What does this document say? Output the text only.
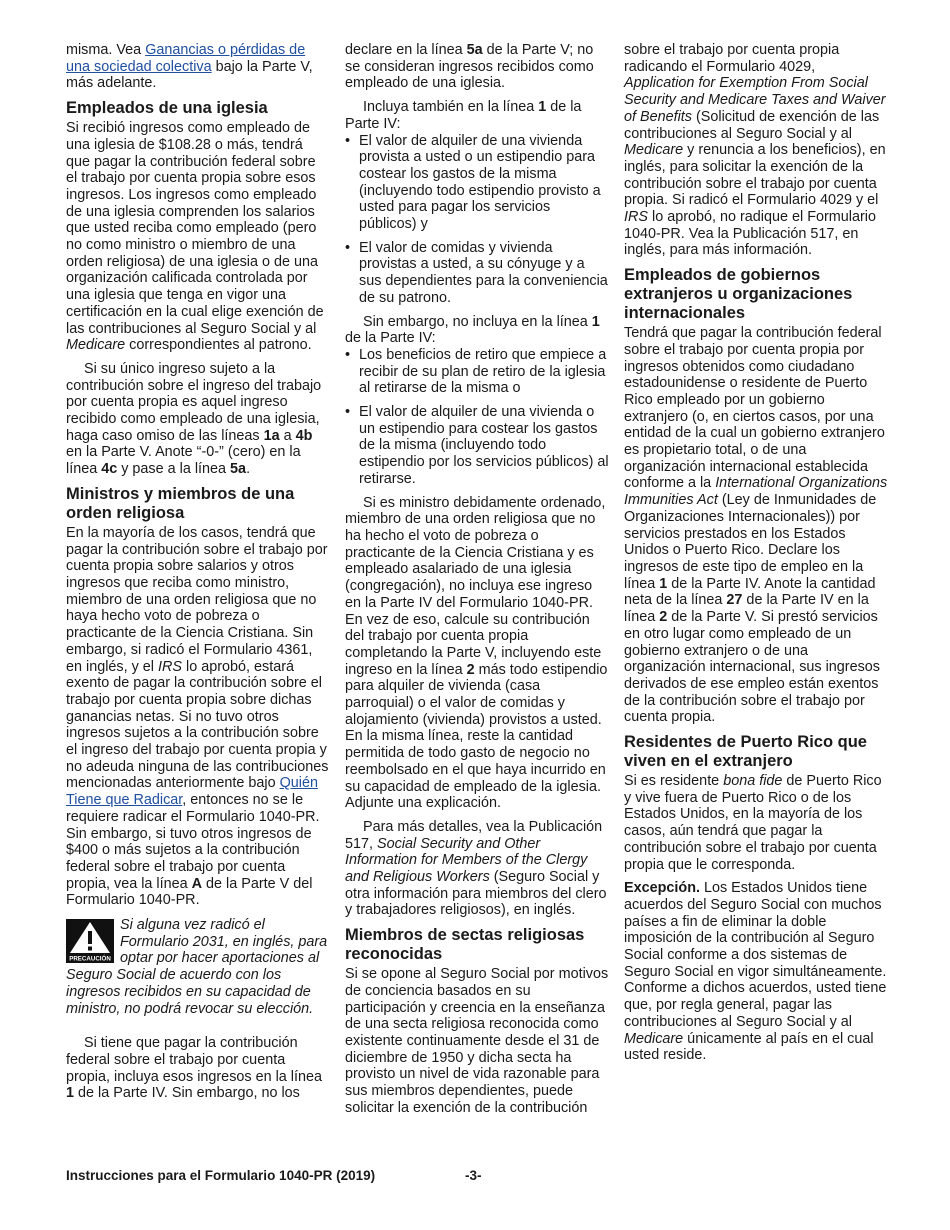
misma. Vea Ganancias o pérdidas de una sociedad colectiva bajo la Parte V, más adelante.

Empleados de una iglesia

Si recibió ingresos como empleado de una iglesia de $108.28 o más, tendrá que pagar la contribución federal sobre el trabajo por cuenta propia sobre esos ingresos. Los ingresos como empleado de una iglesia comprenden los salarios que usted reciba como empleado (pero no como ministro o miembro de una orden religiosa) de una iglesia o de una organización calificada controlada por una iglesia que tenga en vigor una certificación en la cual elige exención de las contribuciones al Seguro Social y al Medicare correspondientes al patrono.

Si su único ingreso sujeto a la contribución sobre el ingreso del trabajo por cuenta propia es aquel ingreso recibido como empleado de una iglesia, haga caso omiso de las líneas 1a a 4b en la Parte V. Anote “-0-” (cero) en la línea 4c y pase a la línea 5a.

Ministros y miembros de una orden religiosa

En la mayoría de los casos, tendrá que pagar la contribución sobre el trabajo por cuenta propia sobre salarios y otros ingresos que reciba como ministro, miembro de una orden religiosa que no haya hecho voto de pobreza o practicante de la Ciencia Cristiana. Sin embargo, si radicó el Formulario 4361, en inglés, y el IRS lo aprobó, estará exento de pagar la contribución sobre el trabajo por cuenta propia sobre dichas ganancias netas. Si no tuvo otros ingresos sujetos a la contribución sobre el ingreso del trabajo por cuenta propia y no adeuda ninguna de las contribuciones mencionadas anteriormente bajo Quién Tiene que Radicar, entonces no se le requiere radicar el Formulario 1040-PR. Sin embargo, si tuvo otros ingresos de $400 o más sujetos a la contribución federal sobre el trabajo por cuenta propia, vea la línea A de la Parte V del Formulario 1040-PR.

PRECAUCIÓN
Si alguna vez radicó el Formulario 2031, en inglés, para optar por hacer aportaciones al Seguro Social de acuerdo con los ingresos recibidos en su capacidad de ministro, no podrá revocar su elección.

Si tiene que pagar la contribución federal sobre el trabajo por cuenta propia, incluya esos ingresos en la línea 1 de la Parte IV. Sin embargo, no los

declare en la línea 5a de la Parte V; no se consideran ingresos recibidos como empleado de una iglesia.

Incluya también en la línea 1 de la Parte IV:

• El valor de alquiler de una vivienda provista a usted o un estipendio para costear los gastos de la misma (incluyendo todo estipendio provisto a usted para pagar los servicios públicos) y

• El valor de comidas y vivienda provistas a usted, a su cónyuge y a sus dependientes para la conveniencia de su patrono.

Sin embargo, no incluya en la línea 1 de la Parte IV:

• Los beneficios de retiro que empiece a recibir de su plan de retiro de la iglesia al retirarse de la misma o

• El valor de alquiler de una vivienda o un estipendio para costear los gastos de la misma (incluyendo todo estipendio por los servicios públicos) al retirarse.

Si es ministro debidamente ordenado, miembro de una orden religiosa que no ha hecho el voto de pobreza o practicante de la Ciencia Cristiana y es empleado asalariado de una iglesia (congregación), no incluya ese ingreso en la Parte IV del Formulario 1040-PR. En vez de eso, calcule su contribución del trabajo por cuenta propia completando la Parte V, incluyendo este ingreso en la línea 2 más todo estipendio para alquiler de vivienda (casa parroquial) o el valor de comidas y alojamiento (vivienda) provistos a usted. En la misma línea, reste la cantidad permitida de todo gasto de negocio no reembolsado en el que haya incurrido en su capacidad de empleado de la iglesia. Adjunte una explicación.

Para más detalles, vea la Publicación 517, Social Security and Other Information for Members of the Clergy and Religious Workers (Seguro Social y otra información para miembros del clero y trabajadores religiosos), en inglés.

Miembros de sectas religiosas reconocidas

Si se opone al Seguro Social por motivos de conciencia basados en su participación y creencia en la enseñanza de una secta religiosa reconocida como existente continuamente desde el 31 de diciembre de 1950 y dicha secta ha provisto un nivel de vida razonable para sus miembros dependientes, puede solicitar la exención de la contribución

sobre el trabajo por cuenta propia radicando el Formulario 4029, Application for Exemption From Social Security and Medicare Taxes and Waiver of Benefits (Solicitud de exención de las contribuciones al Seguro Social y al Medicare y renuncia a los beneficios), en inglés, para solicitar la exención de la contribución sobre el trabajo por cuenta propia. Si radicó el Formulario 4029 y el IRS lo aprobó, no radique el Formulario 1040-PR. Vea la Publicación 517, en inglés, para más información.

Empleados de gobiernos extranjeros u organizaciones internacionales

Tendrá que pagar la contribución federal sobre el trabajo por cuenta propia por ingresos obtenidos como ciudadano estadounidense o residente de Puerto Rico empleado por un gobierno extranjero (o, en ciertos casos, por una entidad de la cual un gobierno extranjero es propietario total, o de una organización internacional establecida conforme a la International Organizations Immunities Act (Ley de Inmunidades de Organizaciones Internacionales)) por servicios prestados en los Estados Unidos o Puerto Rico. Declare los ingresos de este tipo de empleo en la línea 1 de la Parte IV. Anote la cantidad neta de la línea 27 de la Parte IV en la línea 2 de la Parte V. Si prestó servicios en otro lugar como empleado de un gobierno extranjero o de una organización internacional, sus ingresos derivados de ese empleo están exentos de la contribución sobre el trabajo por cuenta propia.

Residentes de Puerto Rico que viven en el extranjero

Si es residente bona fide de Puerto Rico y vive fuera de Puerto Rico o de los Estados Unidos, en la mayoría de los casos, aún tendrá que pagar la contribución sobre el trabajo por cuenta propia que le corresponda.

Excepción. Los Estados Unidos tiene acuerdos del Seguro Social con muchos países a fin de eliminar la doble imposición de la contribución al Seguro Social conforme a dos sistemas de Seguro Social en vigor simultáneamente. Conforme a dichos acuerdos, usted tiene que, por regla general, pagar las contribuciones al Seguro Social y al Medicare únicamente al país en el cual usted reside.

Instrucciones para el Formulario 1040-PR (2019)	-3-
